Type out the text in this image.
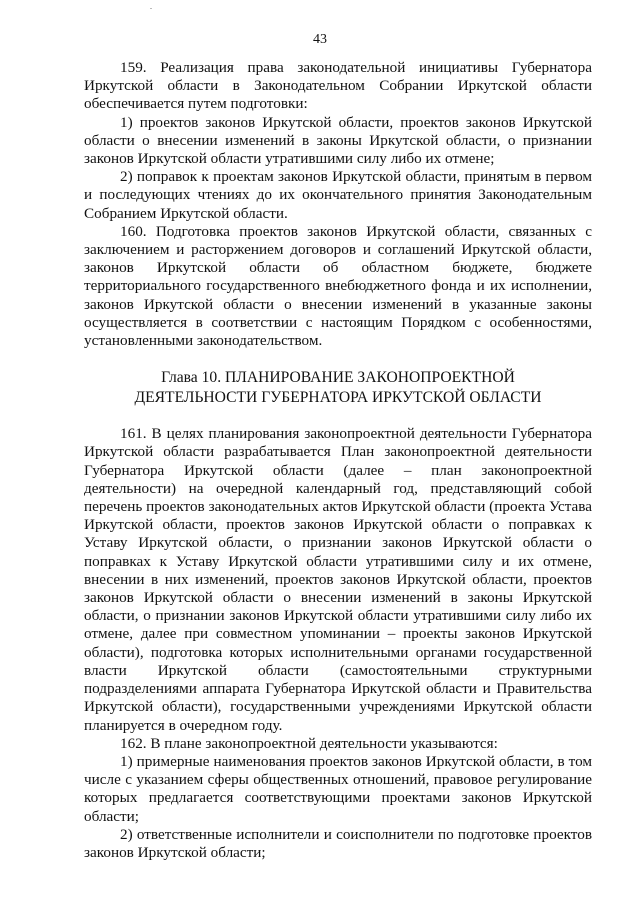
43

159. Реализация права законодательной инициативы Губернатора Иркутской области в Законодательном Собрании Иркутской области обеспечивается путем подготовки:

1) проектов законов Иркутской области, проектов законов Иркутской области о внесении изменений в законы Иркутской области, о признании законов Иркутской области утратившими силу либо их отмене;

2) поправок к проектам законов Иркутской области, принятым в первом и последующих чтениях до их окончательного принятия Законодательным Собранием Иркутской области.

160. Подготовка проектов законов Иркутской области, связанных с заключением и расторжением договоров и соглашений Иркутской области, законов Иркутской области об областном бюджете, бюджете территориального государственного внебюджетного фонда и их исполнении, законов Иркутской области о внесении изменений в указанные законы осуществляется в соответствии с настоящим Порядком с особенностями, установленными законодательством.

Глава 10. ПЛАНИРОВАНИЕ ЗАКОНОПРОЕКТНОЙ
ДЕЯТЕЛЬНОСТИ ГУБЕРНАТОРА ИРКУТСКОЙ ОБЛАСТИ

161. В целях планирования законопроектной деятельности Губернатора Иркутской области разрабатывается План законопроектной деятельности Губернатора Иркутской области (далее – план законопроектной деятельности) на очередной календарный год, представляющий собой перечень проектов законодательных актов Иркутской области (проекта Устава Иркутской области, проектов законов Иркутской области о поправках к Уставу Иркутской области, о признании законов Иркутской области о поправках к Уставу Иркутской области утратившими силу и их отмене, внесении в них изменений, проектов законов Иркутской области, проектов законов Иркутской области о внесении изменений в законы Иркутской области, о признании законов Иркутской области утратившими силу либо их отмене, далее при совместном упоминании – проекты законов Иркутской области), подготовка которых исполнительными органами государственной власти Иркутской области (самостоятельными структурными подразделениями аппарата Губернатора Иркутской области и Правительства Иркутской области), государственными учреждениями Иркутской области планируется в очередном году.

162. В плане законопроектной деятельности указываются:

1) примерные наименования проектов законов Иркутской области, в том числе с указанием сферы общественных отношений, правовое регулирование которых предлагается соответствующими проектами законов Иркутской области;

2) ответственные исполнители и соисполнители по подготовке проектов законов Иркутской области;
